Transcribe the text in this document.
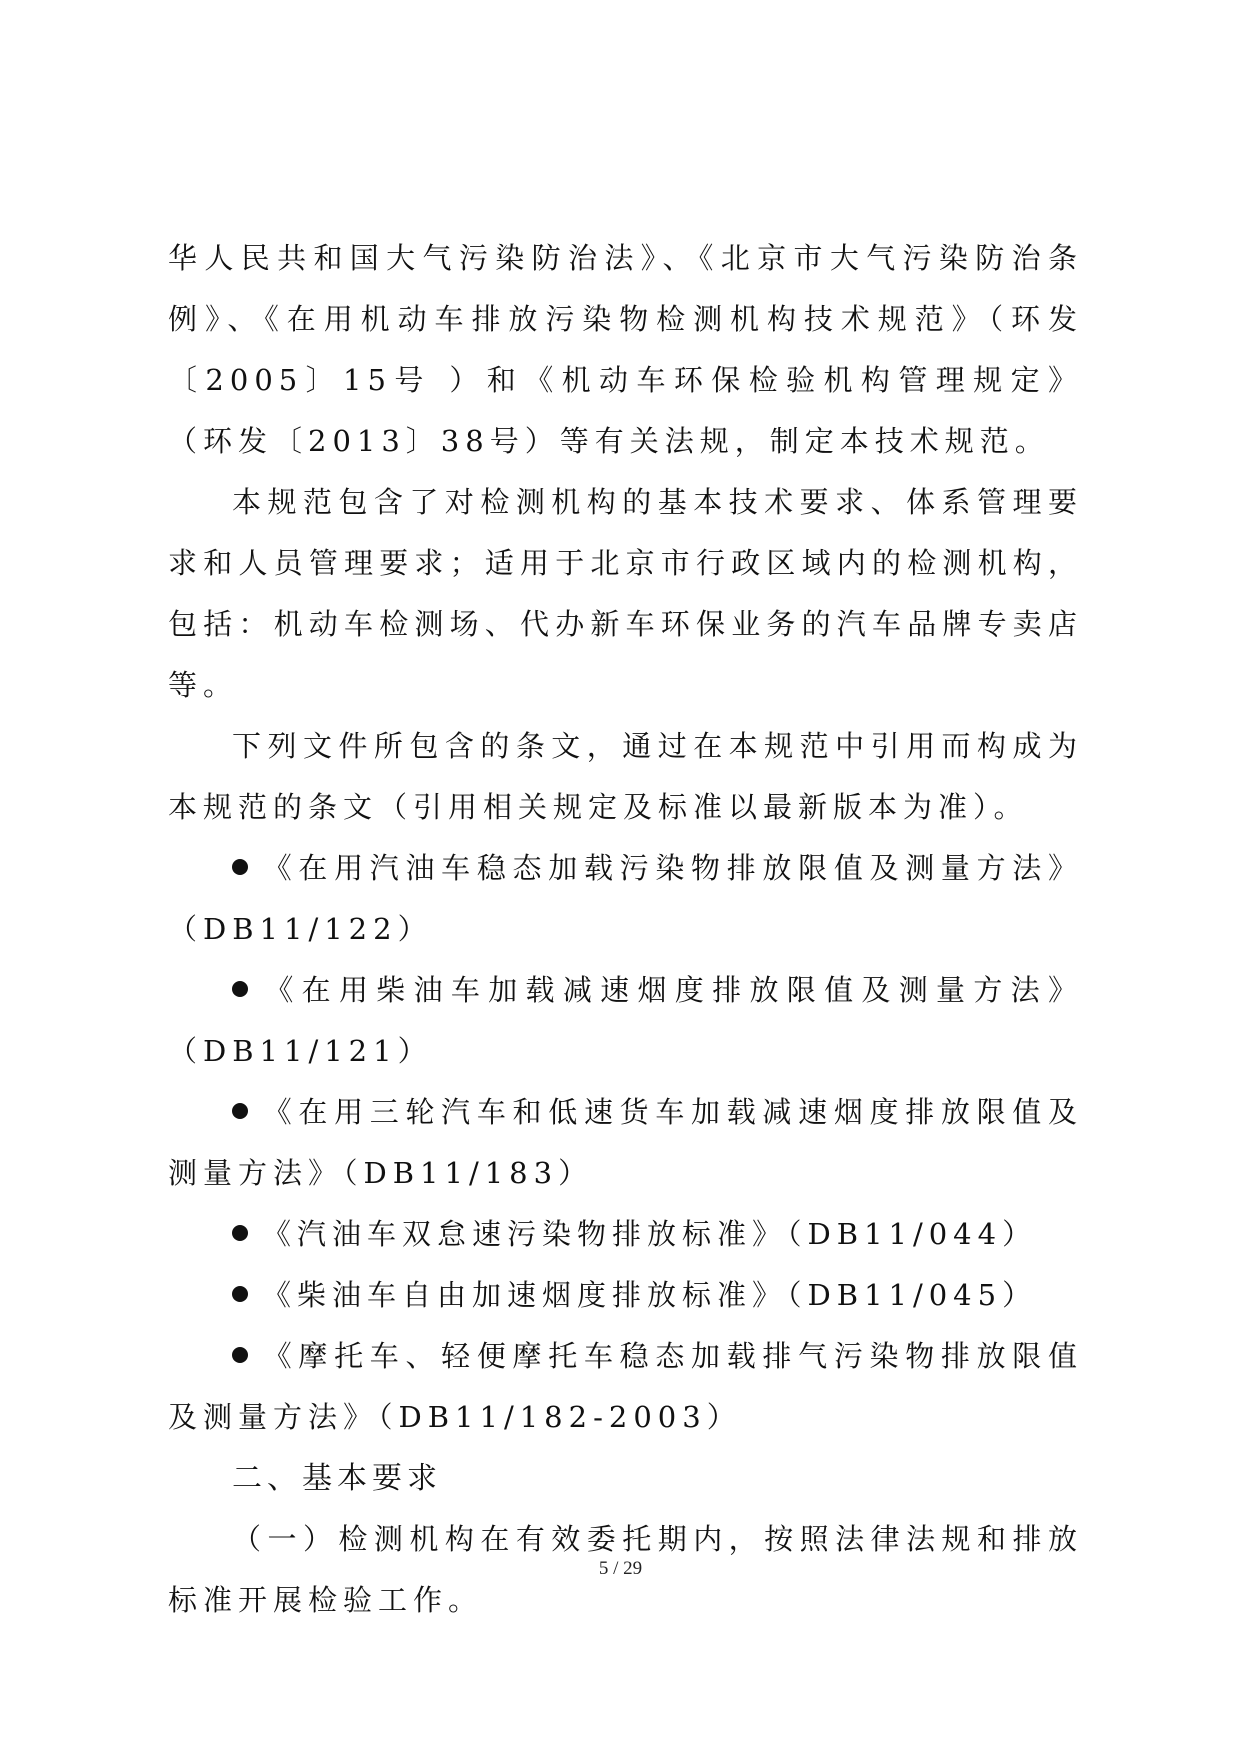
华人民共和国大气污染防治法》、《北京市大气污染防治条例》、《在用机动车排放污染物检测机构技术规范》（环发〔2005〕15号 ）和《机动车环保检验机构管理规定》（环发〔2013〕38号）等有关法规，制定本技术规范。

本规范包含了对检测机构的基本技术要求、体系管理要求和人员管理要求；适用于北京市行政区域内的检测机构，包括：机动车检测场、代办新车环保业务的汽车品牌专卖店等。

下列文件所包含的条文，通过在本规范中引用而构成为本规范的条文（引用相关规定及标准以最新版本为准）。

《在用汽油车稳态加载污染物排放限值及测量方法》（DB11/122）

《在用柴油车加载减速烟度排放限值及测量方法》（DB11/121）

《在用三轮汽车和低速货车加载减速烟度排放限值及测量方法》（DB11/183）

《汽油车双怠速污染物排放标准》（DB11/044）

《柴油车自由加速烟度排放标准》（DB11/045）

《摩托车、轻便摩托车稳态加载排气污染物排放限值及测量方法》（DB11/182-2003）

二、基本要求

（一）检测机构在有效委托期内，按照法律法规和排放标准开展检验工作。

5 / 29
